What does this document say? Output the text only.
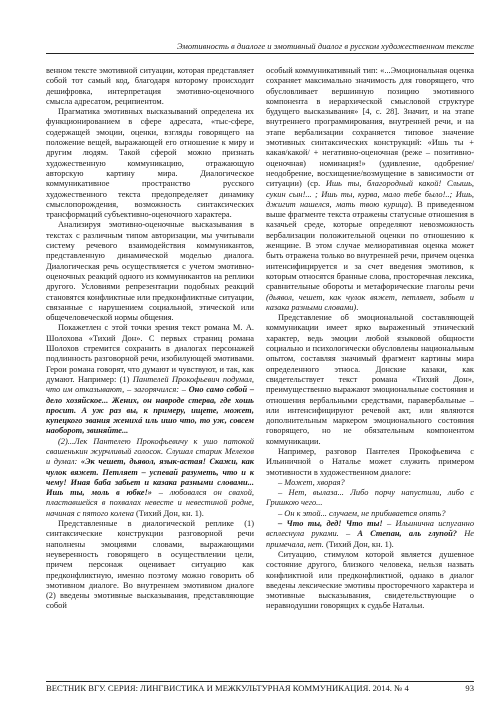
Эмотивность в диалоге и эмотивный диалог в русском художественном тексте

венном тексте эмотивной ситуации, которая представляет собой тот самый код, благодаря которому происходит дешифровка, интерпретация эмотивно-оценочного смысла адресатом, реципиентом.

Прагматика эмотивных высказываний определена их функционированием в сфере адресата, «тыс-сфере, содержащей эмоции, оценки, взгляды говорящего на положение вещей, выражающей его отношение к миру и другим людям. Такой сферой можно признать художественную коммуникацию, отражающую авторскую картину мира. Диалогическое коммуникативное пространство русского художественного текста предопределяет динамику смыслопорождения, возможность синтаксических трансформаций субъективно-оценочного характера.

Анализируя эмотивно-оценочные высказывания в текстах с различным типом авторизации, мы учитывали систему речевого взаимодействия коммуникантов, представленную динамической моделью диалога. Диалогическая речь осуществляется с учетом эмотивно-оценочных реакций одного из коммуникантов на реплики другого. Условиями репрезентации подобных реакций становятся конфликтные или предконфликтные ситуации, связанные с нарушением социальной, этической или общечеловеческой нормы общения.

Покажетлен с этой точки зрения текст романа М. А. Шолохова «Тихий Дон». С первых страниц романа Шолохов стремится сохранить в диалогах персонажей подлинность разговорной речи, изобилующей эмотивами. Герои романа говорят, что думают и чувствуют, и так, как думают. Например: (1) Пантелей Прокофьевич подумал, что им отказывают, – загорячился: – Оно само собой – дело хозяйское... Жених, он навроде стерва, где хошь просит. А уж раз вы, к примеру, ищете, может, купецкого звания женихá иль ишо что, то уж, совсем наоборот, звиняйте...

(2)...Лек Пантелею Прокофьевичу к ушо патокой свашенькин журчливый голосок. Слушал старик Мелехов и думал: «Эк чешет, дьявол, язык-астая! Скажи, как чулок вяжет. Петляет – успевай разуметь, что и к чему! Иная баба забьет и казака разными словами... Ишь ты, моль в юбке!» – любовался он свахой, пластавшейся в похвалах невесте и невестиной родне, начиная с пятого колена (Тихий Дон, кн. 1).

Представленные в диалогической реплике (1) синтаксические конструкции разговорной речи наполнены эмоциями словами, выражающими неуверенность говорящего в осуществлении цели, причем персонаж оценивает ситуацию как предконфликтную, именно поэтому можно говорить об эмотивном диалоге. Во внутреннем эмотивном диалоге (2) введены эмотивные высказывания, представляющие собой

особый коммуникативный тип: «...Эмоциональная оценка сохраняет максимально значимость для говорящего, что обусловливает вершинную позицию эмотивного компонента в иерархической смысловой структуре будущего высказывания» [4, с. 28]. Значит, и на этапе внутреннего программирования, внутренней речи, и на этапе вербализации сохраняется типовое значение эмотивных синтаксических конструкций: «Ишь ты + какая/какой/ + негативно-оценочная (реже – позитивно-оценочная) номинация!» (удивление, одобрение/неодобрение, восхищение/возмущение в зависимости от ситуации) (ср. Ишь ты, благородный какой! Слышь, сукин сын!... ; Ишь ты, курва, мало тебе было!..; Ишь, джигит нашелся, мать твою курица). В приведенном выше фрагменте текста отражены статусные отношения в казачьей среде, которые определяют невозможность вербализации положительной оценки по отношению к женщине. В этом случае мелиоративная оценка может быть отражена только во внутренней речи, причем оценка интенсифицируется и за счет введения эмотивов, к которым относятся бранные слова, просторечная лексика, сравнительные обороты и метафорические глаголы речи (дьявол, чешет, как чулок вяжет, петляет, забьет и казака разными словами).

Представление об эмоциональной составляющей коммуникации имеет ярко выраженный этнический характер, ведь эмоции любой языковой общности социально и психологически обусловлены национальным опытом, составляя значимый фрагмент картины мира определенного этноса. Донские казаки, как свидетельствует текст романа «Тихий Дон», преимущественно выражают эмоциональные состояния и отношения вербальными средствами, паравербальные – или интенсифицируют речевой акт, или являются дополнительным маркером эмоционального состояния говорящего, но не обязательным компонентом коммуникации.

Например, разговор Пантелея Прокофьевича с Ильиничной о Наталье может служить примером эмотивности в художественном диалоге:

– Может, хворая?

– Нет, вылаза... Либо порчу напустили, либо с Гришкою чего...

– Он к этой... случаем, не прибивается опять?

– Что ты, дед! Что ты! – Ильинична испуганно всплеснула руками. – А Степан, аль глупой? Не примечала, нет. (Тихий Дон, кн. 1).

Ситуацию, стимулом которой является душевное состояние другого, близкого человека, нельзя назвать конфликтной или предконфликтной, однако в диалог введены лексические эмотивы просторечного характера и эмотивные высказывания, свидетельствующие о неравнодушии говорящих к судьбе Натальи.

ВЕСТНИК ВГУ. СЕРИЯ: ЛИНГВИСТИКА И МЕЖКУЛЬТУРНАЯ КОММУНИКАЦИЯ. 2014. № 4	93
